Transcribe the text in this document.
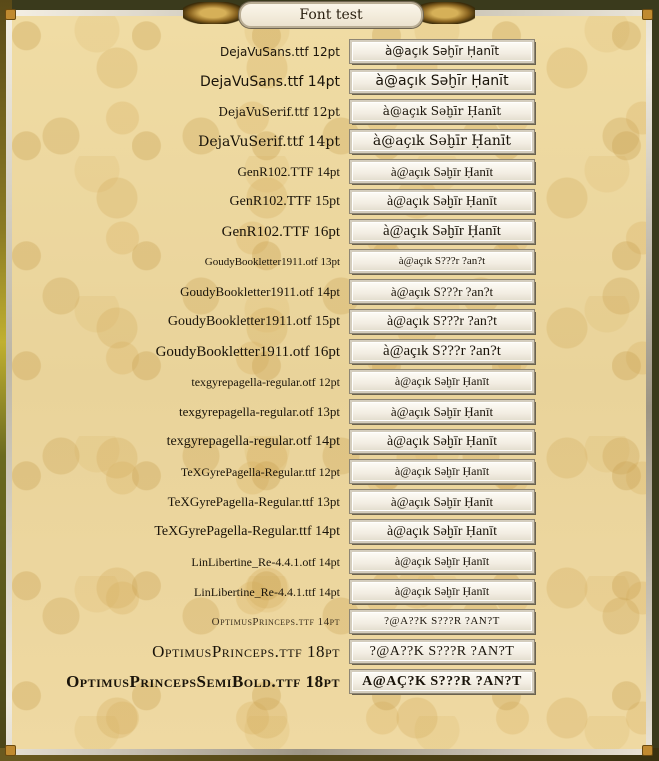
DejaVuSans.ttf 12pt	à@açık Səḫīr Ḥanīt
DejaVuSans.ttf 14pt	à@açık Səḫīr Ḥanīt
DejaVuSerif.ttf 12pt	à@açık Səḫīr Ḥanīt
DejaVuSerif.ttf 14pt	à@açık Səḫīr Ḥanīt
GenR102.TTF 14pt	à@açık Səḫīr Ḥanīt
GenR102.TTF 15pt	à@açık Səḫīr Ḥanīt
GenR102.TTF 16pt	à@açık Səḫīr Ḥanīt
GoudyBookletter1911.otf 13pt	à@açık S???r ?an?t
GoudyBookletter1911.otf 14pt	à@açık S???r ?an?t
GoudyBookletter1911.otf 15pt	à@açık S???r ?an?t
GoudyBookletter1911.otf 16pt	à@açık S???r ?an?t
texgyrepagella-regular.otf 12pt	à@açık Səḫīr Ḥanīt
texgyrepagella-regular.otf 13pt	à@açık Səḫīr Ḥanīt
texgyrepagella-regular.otf 14pt	à@açık Səḫīr Ḥanīt
TeXGyrePagella-Regular.ttf 12pt	à@açık Səḫīr Ḥanīt
TeXGyrePagella-Regular.ttf 13pt	à@açık Səḫīr Ḥanīt
TeXGyrePagella-Regular.ttf 14pt	à@açık Səḫīr Ḥanīt
LinLibertine_Re-4.4.1.otf 14pt	à@açık Səḫīr Ḥanīt
LinLibertine_Re-4.4.1.ttf 14pt	à@açık Səḫīr Ḥanīt
OptimusPrinceps.ttf 14pt	?@A??K S???R ?AN?T
OptimusPrinceps.ttf 18pt	?@A??K S???R ?AN?T
OptimusPrincepsSemiBold.ttf 18pt	A@AÇ?K S???R ?AN?T
Font test
